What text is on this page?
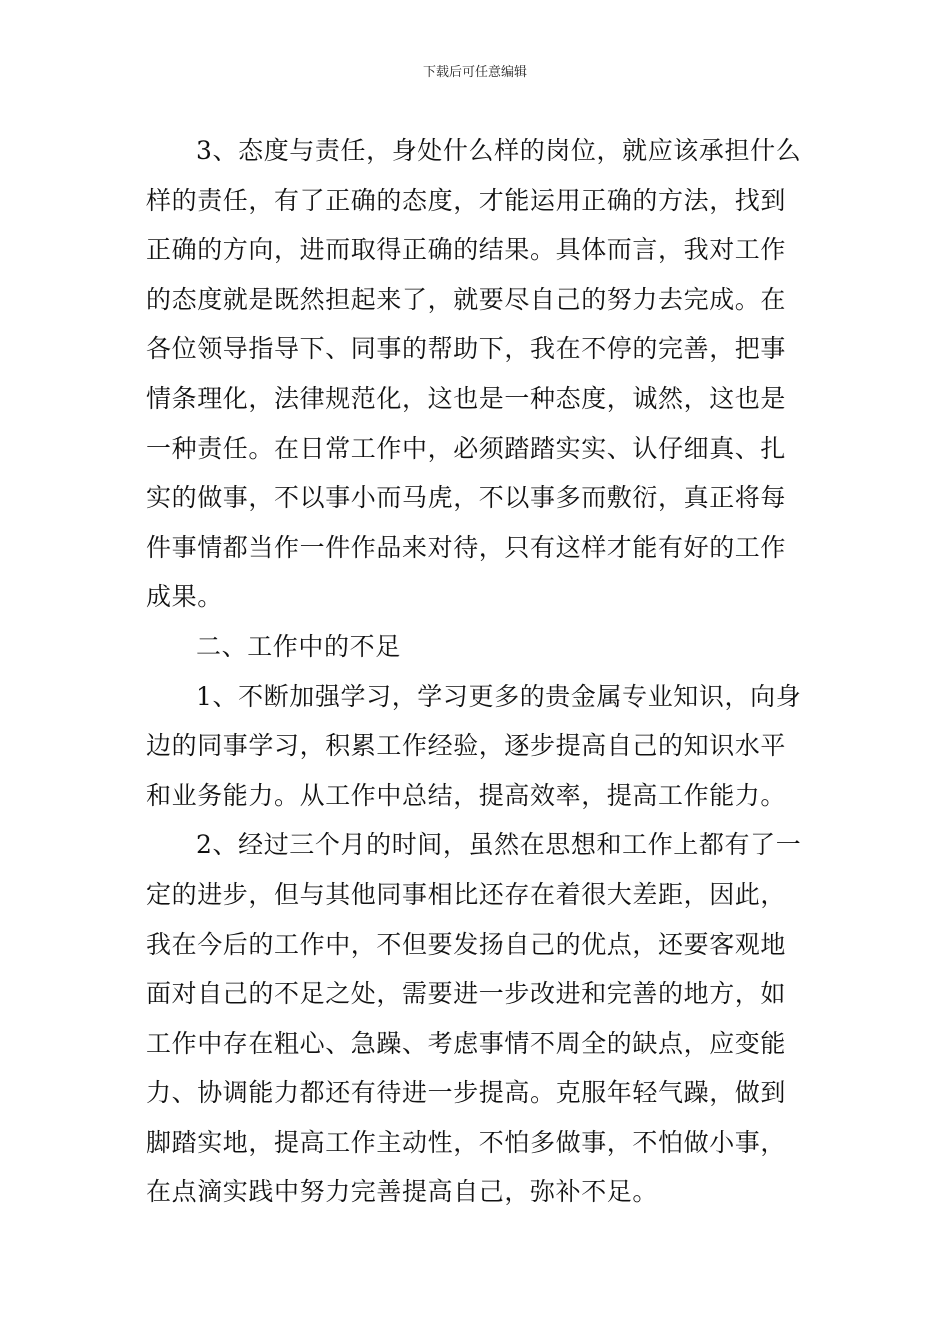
下载后可任意编辑

3、态度与责任，身处什么样的岗位，就应该承担什么
样的责任，有了正确的态度，才能运用正确的方法，找到
正确的方向，进而取得正确的结果。具体而言，我对工作
的态度就是既然担起来了，就要尽自己的努力去完成。在
各位领导指导下、同事的帮助下，我在不停的完善，把事
情条理化，法律规范化，这也是一种态度，诚然，这也是
一种责任。在日常工作中，必须踏踏实实、认仔细真、扎
实的做事，不以事小而马虎，不以事多而敷衍，真正将每
件事情都当作一件作品来对待，只有这样才能有好的工作
成果。

二、工作中的不足

1、不断加强学习，学习更多的贵金属专业知识，向身
边的同事学习，积累工作经验，逐步提高自己的知识水平
和业务能力。从工作中总结，提高效率，提高工作能力。

2、经过三个月的时间，虽然在思想和工作上都有了一
定的进步，但与其他同事相比还存在着很大差距，因此，
我在今后的工作中，不但要发扬自己的优点，还要客观地
面对自己的不足之处，需要进一步改进和完善的地方，如
工作中存在粗心、急躁、考虑事情不周全的缺点，应变能
力、协调能力都还有待进一步提高。克服年轻气躁，做到
脚踏实地，提高工作主动性，不怕多做事，不怕做小事，
在点滴实践中努力完善提高自己，弥补不足。
